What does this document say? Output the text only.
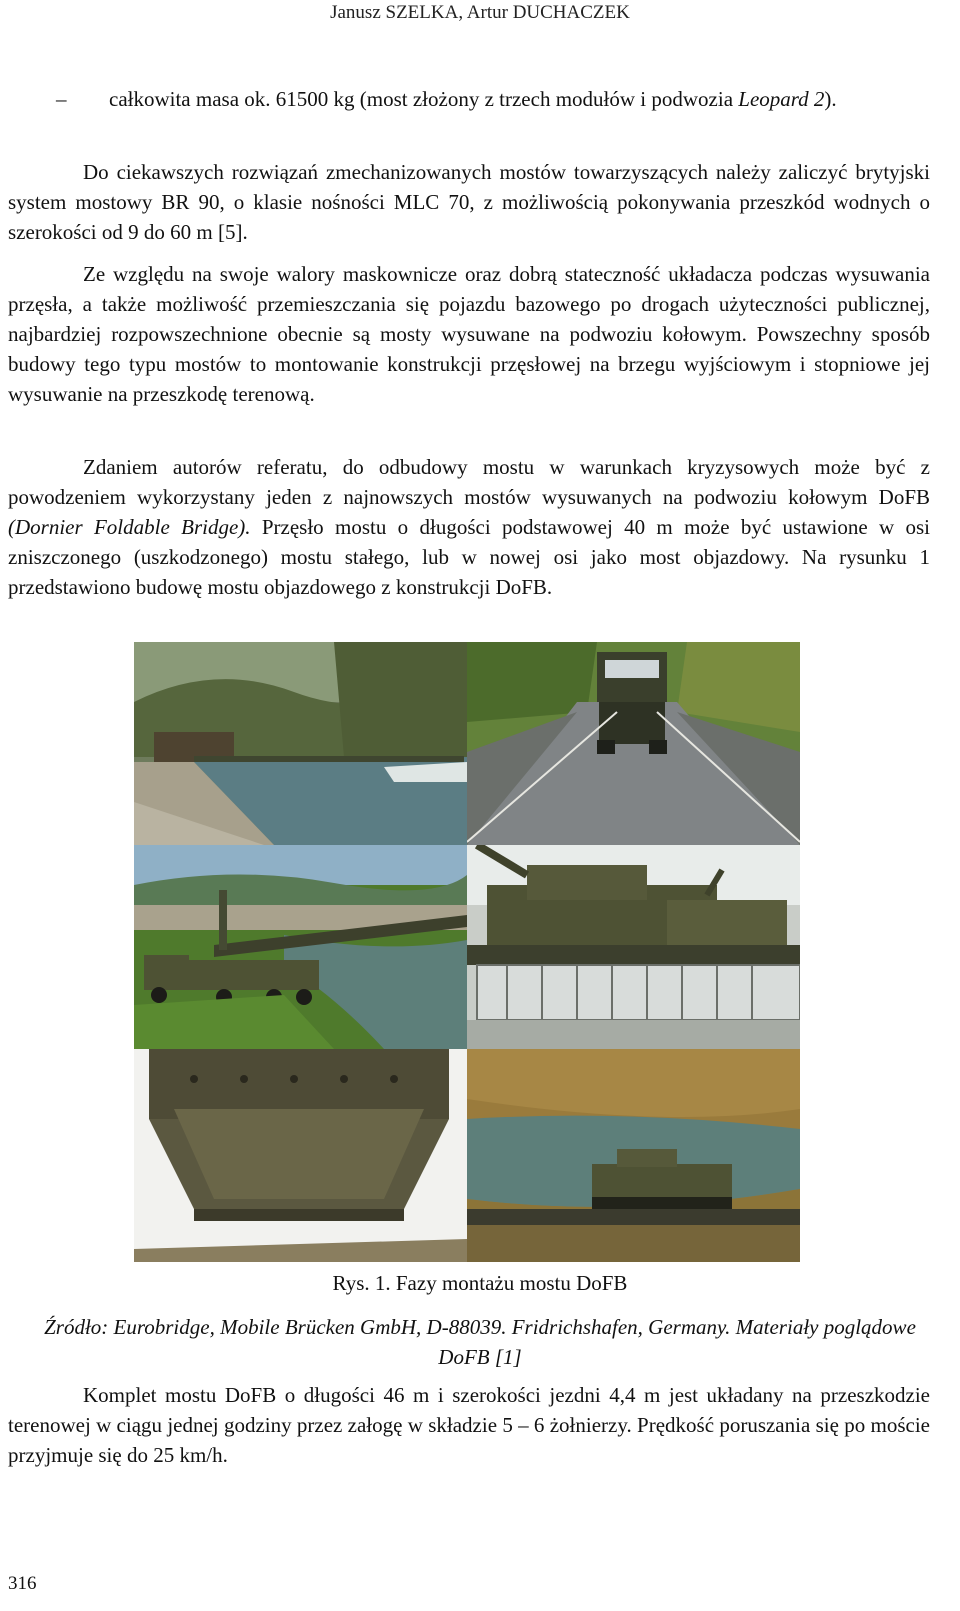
Janusz SZELKA, Artur DUCHACZEK

–	całkowita masa ok. 61500 kg (most złożony z trzech modułów i podwozia Leopard 2).

Do ciekawszych rozwiązań zmechanizowanych mostów towarzyszących należy zaliczyć brytyjski system mostowy BR 90, o klasie nośności MLC 70, z możliwością pokonywania przeszkód wodnych o szerokości od 9 do 60 m [5].

Ze względu na swoje walory maskownicze oraz dobrą stateczność układacza podczas wysuwania przęsła, a także możliwość przemieszczania się pojazdu bazowego po drogach użyteczności publicznej, najbardziej rozpowszechnione obecnie są mosty wysuwane na podwoziu kołowym. Powszechny sposób budowy tego typu mostów to montowanie konstrukcji przęsłowej na brzegu wyjściowym i stopniowe jej wysuwanie na przeszkodę terenową.

Zdaniem autorów referatu, do odbudowy mostu w warunkach kryzysowych może być z powodzeniem wykorzystany jeden z najnowszych mostów wysuwanych na podwoziu kołowym DoFB (Dornier Foldable Bridge). Przęsło mostu o długości podstawowej 40 m może być ustawione w osi zniszczonego (uszkodzonego) mostu stałego, lub w nowej osi jako most objazdowy. Na rysunku 1 przedstawiono budowę mostu objazdowego z konstrukcji DoFB.

Rys. 1. Fazy montażu mostu DoFB
Źródło: Eurobridge, Mobile Brücken GmbH, D-88039. Fridrichshafen, Germany. Materiały poglądowe DoFB [1]

Komplet mostu DoFB o długości 46 m i szerokości jezdni 4,4 m jest układany na przeszkodzie terenowej w ciągu jednej godziny przez załogę w składzie 5 – 6 żołnierzy. Prędkość poruszania się po moście przyjmuje się do 25 km/h.

316
